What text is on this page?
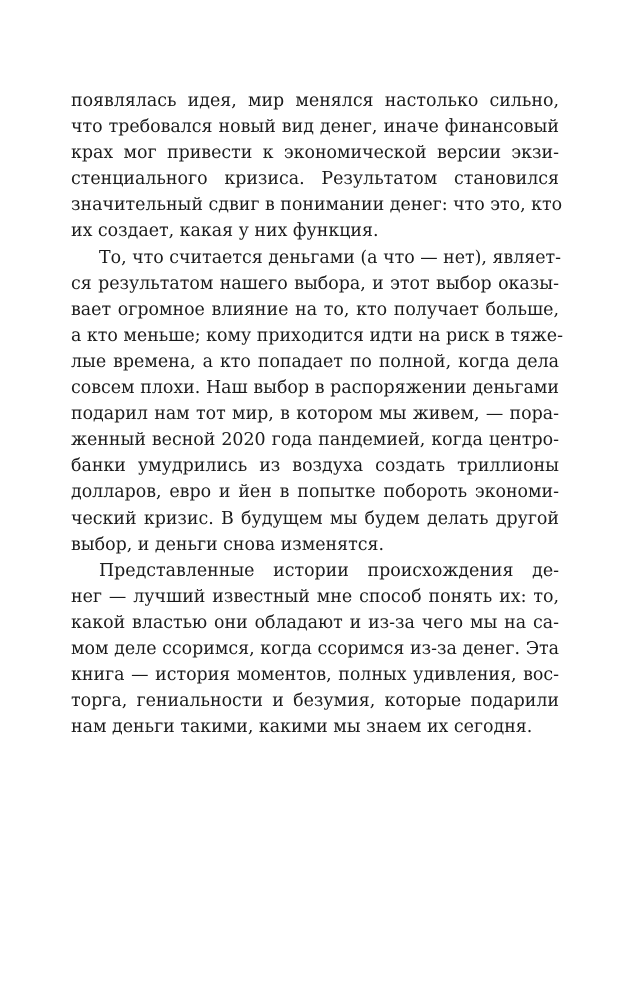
появлялась идея, мир менялся настолько сильно,
что требовался новый вид денег, иначе финансовый
крах мог привести к экономической версии экзи-
стенциального кризиса. Результатом становился
значительный сдвиг в понимании денег: что это, кто
их создает, какая у них функция.
То, что считается деньгами (а что — нет), являет-
ся результатом нашего выбора, и этот выбор оказы-
вает огромное влияние на то, кто получает больше,
а кто меньше; кому приходится идти на риск в тяже-
лые времена, а кто попадает по полной, когда дела
совсем плохи. Наш выбор в распоряжении деньгами
подарил нам тот мир, в котором мы живем, — пора-
женный весной 2020 года пандемией, когда центро-
банки умудрились из воздуха создать триллионы
долларов, евро и йен в попытке побороть экономи-
ческий кризис. В будущем мы будем делать другой
выбор, и деньги снова изменятся.
Представленные истории происхождения де-
нег — лучший известный мне способ понять их: то,
какой властью они обладают и из-за чего мы на са-
мом деле ссоримся, когда ссоримся из-за денег. Эта
книга — история моментов, полных удивления, вос-
торга, гениальности и безумия, которые подарили
нам деньги такими, какими мы знаем их сегодня.
